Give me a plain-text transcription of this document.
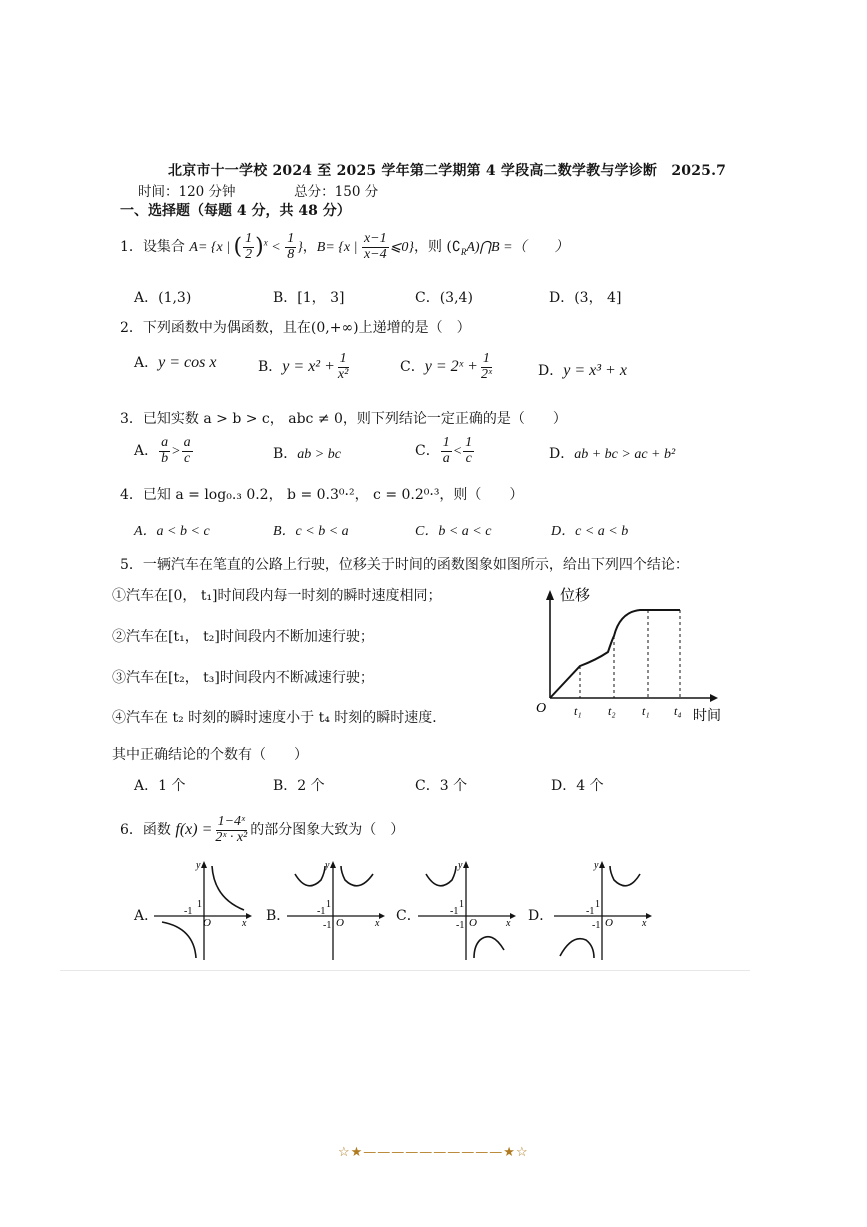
北京市十一学校 2024 至 2025 学年第二学期第 4 学段高二数学教与学诊断　2025.7
时间：120 分钟	总分：150 分
一、选择题（每题 4 分，共 48 分）
1．设集合 A= {x | ( $\frac{1}{2} )^x < \frac{1}{8}$ }，B= {x | $\frac{x-1}{x-4}$ ⩽0}，则 $(∁_RA)⋂B$ =（　　）
A．(1,3)	B．[1， 3]	C．(3,4)	D．(3， 4]
2．下列函数中为偶函数，且在(0,+∞)上递增的是（　）
A．y = cos x	B．$y = x^2 + \frac{1}{\text{x²}}$	C．y = 2ˣ + $\frac{1}{\text{2ˣ}}$	D．y = x³ + x
3．已知实数 a > b > c， abc ≠ 0，则下列结论一定正确的是（　　）
A． $\frac{a}{b} > \frac{a}{c}$	B．ab > bc	C． $\frac{1}{a} < \frac{1}{c}$	D．ab + bc > ac + b²
4．已知 a = log₀.₃ 0.2， b = 0.3⁰·²， c = 0.2⁰·³，则（　　）
A．a < b < c	B．c < b < a	C．b < a < c	D．c < a < b
5．一辆汽车在笔直的公路上行驶，位移关于时间的函数图象如图所示，给出下列四个结论：
①汽车在[0， t₁]时间段内每一时刻的瞬时速度相同；
②汽车在[t₁， t₂]时间段内不断加速行驶；
③汽车在[t₂， t₃]时间段内不断减速行驶；
④汽车在 t₂ 时刻的瞬时速度小于 t₄ 时刻的瞬时速度．
其中正确结论的个数有（　　）
A．1 个	B．2 个	C．3 个	D．4 个
位移
时间
O t₁ t₂ t₁ t₄
6．函数 $f(x) = \frac{\text{1−4ˣ}}{\text{2ˣ · x²}}$ 的部分图象大致为（　）
A．	B．	C．	D．
y
x
O
1
-1
y
x
O
1
-1
-1
y
x
O
1
-1
-1
y
x
O
1
-1
-1
☆★——————————★☆
